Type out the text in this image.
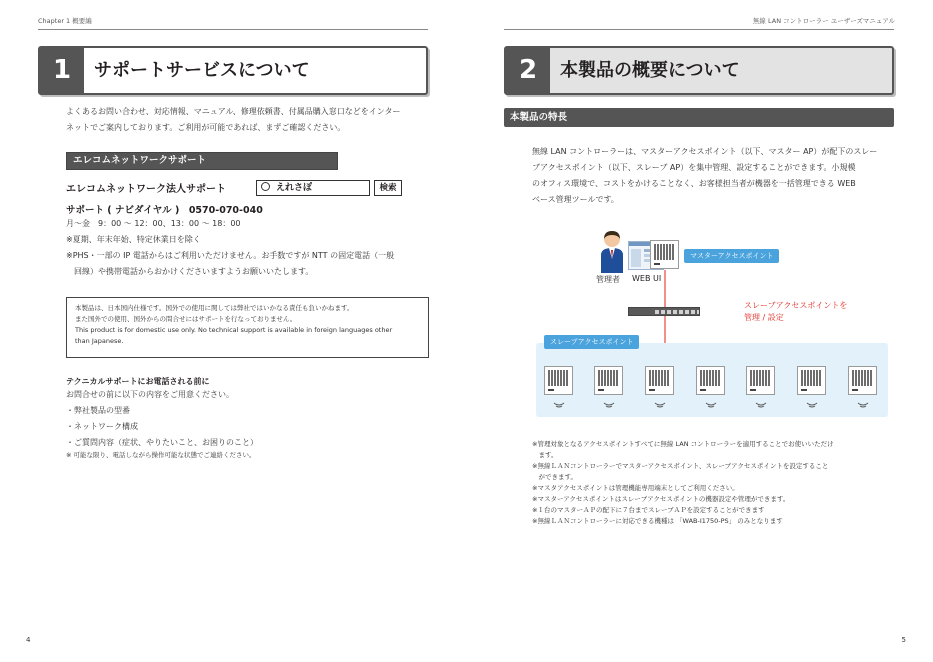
Chapter 1 概要編
1	サポートサービスについて
よくあるお問い合わせ、対応情報、マニュアル、修理依頼書、付属品購入窓口などをインター
ネットでご案内しております。ご利用が可能であれば、まずご確認ください。
エレコムネットワークサポート
エレコムネットワーク法人サポート	えれさぽ	検索
サポート ( ナビダイヤル )　0570-070-040
月～金　9：00 ～ 12：00、13：00 ～ 18：00
※夏期、年末年始、特定休業日を除く
※PHS・一部の IP 電話からはご利用いただけません。お手数ですが NTT の固定電話（一般
　回線）や携帯電話からおかけくださいますようお願いいたします。
本製品は、日本国内仕様です。国外での使用に関しては弊社ではいかなる責任も負いかねます。
また国外での使用、国外からの問合せにはサポートを行なっておりません。
This product is for domestic use only. No technical support is available in foreign languages other
than Japanese.
テクニカルサポートにお電話される前に
お問合せの前に以下の内容をご用意ください。
・弊社製品の型番
・ネットワーク構成
・ご質問内容（症状、やりたいこと、お困りのこと）
※ 可能な限り、電話しながら操作可能な状態でご連絡ください。
4
無線 LAN コントローラー ユーザーズマニュアル
2	本製品の概要について
本製品の特長
無線 LAN コントローラーは、マスターアクセスポイント（以下、マスター AP）が配下のスレー
ブアクセスポイント（以下、スレーブ AP）を集中管理、設定することができます。小規模
のオフィス環境で、コストをかけることなく、お客様担当者が機器を一括管理できる WEB
ベース管理ツールです。
管理者 WEB UI
マスターアクセスポイント
スレーブアクセスポイントを
管理 / 設定
スレーブアクセスポイント
※管理対象となるアクセスポイントすべてに無線 LAN コントローラーを適用することでお使いいただけ
　ます。
※無線ＬＡＮコントローラーでマスターアクセスポイント、スレーブアクセスポイントを設定すること
　ができます。
※マスタアクセスポイントは管理機能専用端末としてご利用ください。
※マスターアクセスポイントはスレーブアクセスポイントの機器設定や管理ができます。
※１台のマスターＡＰの配下に７台までスレーブＡＰを設定することができます
※無線ＬＡＮコントローラーに対応できる機種は 「WAB-I1750-PS」 のみとなります
5
